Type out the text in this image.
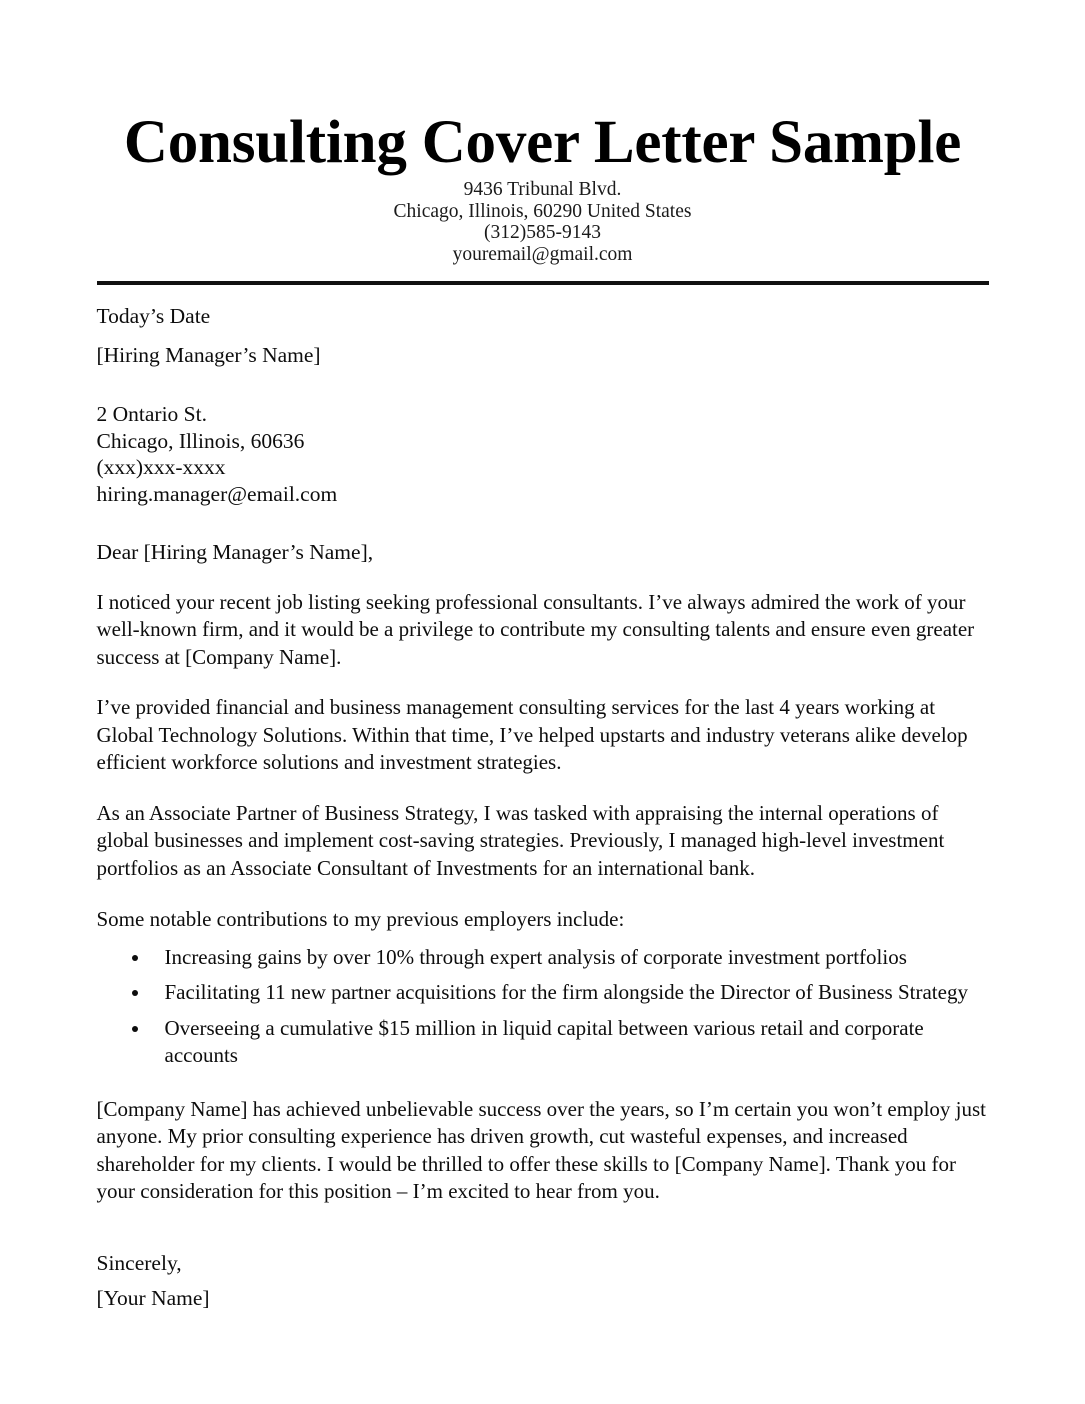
Consulting Cover Letter Sample
9436 Tribunal Blvd.
Chicago, Illinois, 60290 United States
(312)585-9143
youremail@gmail.com

Today’s Date

[Hiring Manager’s Name]

2 Ontario St.
Chicago, Illinois, 60636
(xxx)xxx-xxxx
hiring.manager@email.com

Dear [Hiring Manager’s Name],

I noticed your recent job listing seeking professional consultants. I’ve always admired the work of your well-known firm, and it would be a privilege to contribute my consulting talents and ensure even greater success at [Company Name].

I’ve provided financial and business management consulting services for the last 4 years working at Global Technology Solutions. Within that time, I’ve helped upstarts and industry veterans alike develop efficient workforce solutions and investment strategies.

As an Associate Partner of Business Strategy, I was tasked with appraising the internal operations of global businesses and implement cost-saving strategies. Previously, I managed high-level investment portfolios as an Associate Consultant of Investments for an international bank.

Some notable contributions to my previous employers include:

Increasing gains by over 10% through expert analysis of corporate investment portfolios
Facilitating 11 new partner acquisitions for the firm alongside the Director of Business Strategy
Overseeing a cumulative $15 million in liquid capital between various retail and corporate accounts

[Company Name] has achieved unbelievable success over the years, so I’m certain you won’t employ just anyone. My prior consulting experience has driven growth, cut wasteful expenses, and increased shareholder for my clients. I would be thrilled to offer these skills to [Company Name]. Thank you for your consideration for this position – I’m excited to hear from you.

Sincerely,

[Your Name]
